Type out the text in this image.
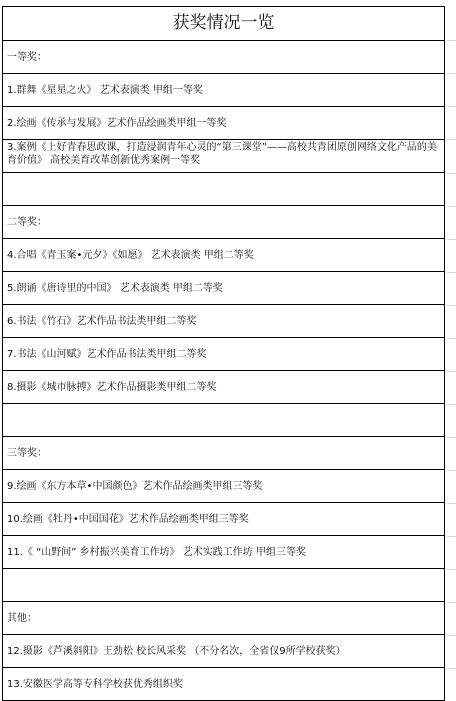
获奖情况一览
一等奖：
1.群舞《星星之火》 艺术表演类 甲组一等奖
2.绘画《传承与发展》艺术作品绘画类甲组一等奖
3.案例《上好青春思政课，打造浸润青年心灵的“第三课堂”——高校共青团原创网络文化产品的美育价值》 高校美育改革创新优秀案例一等奖
二等奖：
4.合唱《青玉案•元夕》《如愿》 艺术表演类 甲组二等奖
5.朗诵《唐诗里的中国》 艺术表演类 甲组二等奖
6.书法《竹石》艺术作品书法类甲组二等奖
7.书法《山河赋》艺术作品书法类甲组二等奖
8.摄影《城市脉搏》艺术作品摄影类甲组二等奖
三等奖：
9.绘画《东方本草•中国颜色》艺术作品绘画类甲组三等奖
10.绘画《牡丹•中国国花》艺术作品绘画类甲组三等奖
11.《 “山野间” 乡村振兴美育工作坊》 艺术实践工作坊 甲组三等奖
其他：
12.摄影《芦溪斜阳》王劲松 校长风采奖 （不分名次，全省仅9所学校获奖）
13.安徽医学高等专科学校获优秀组织奖
